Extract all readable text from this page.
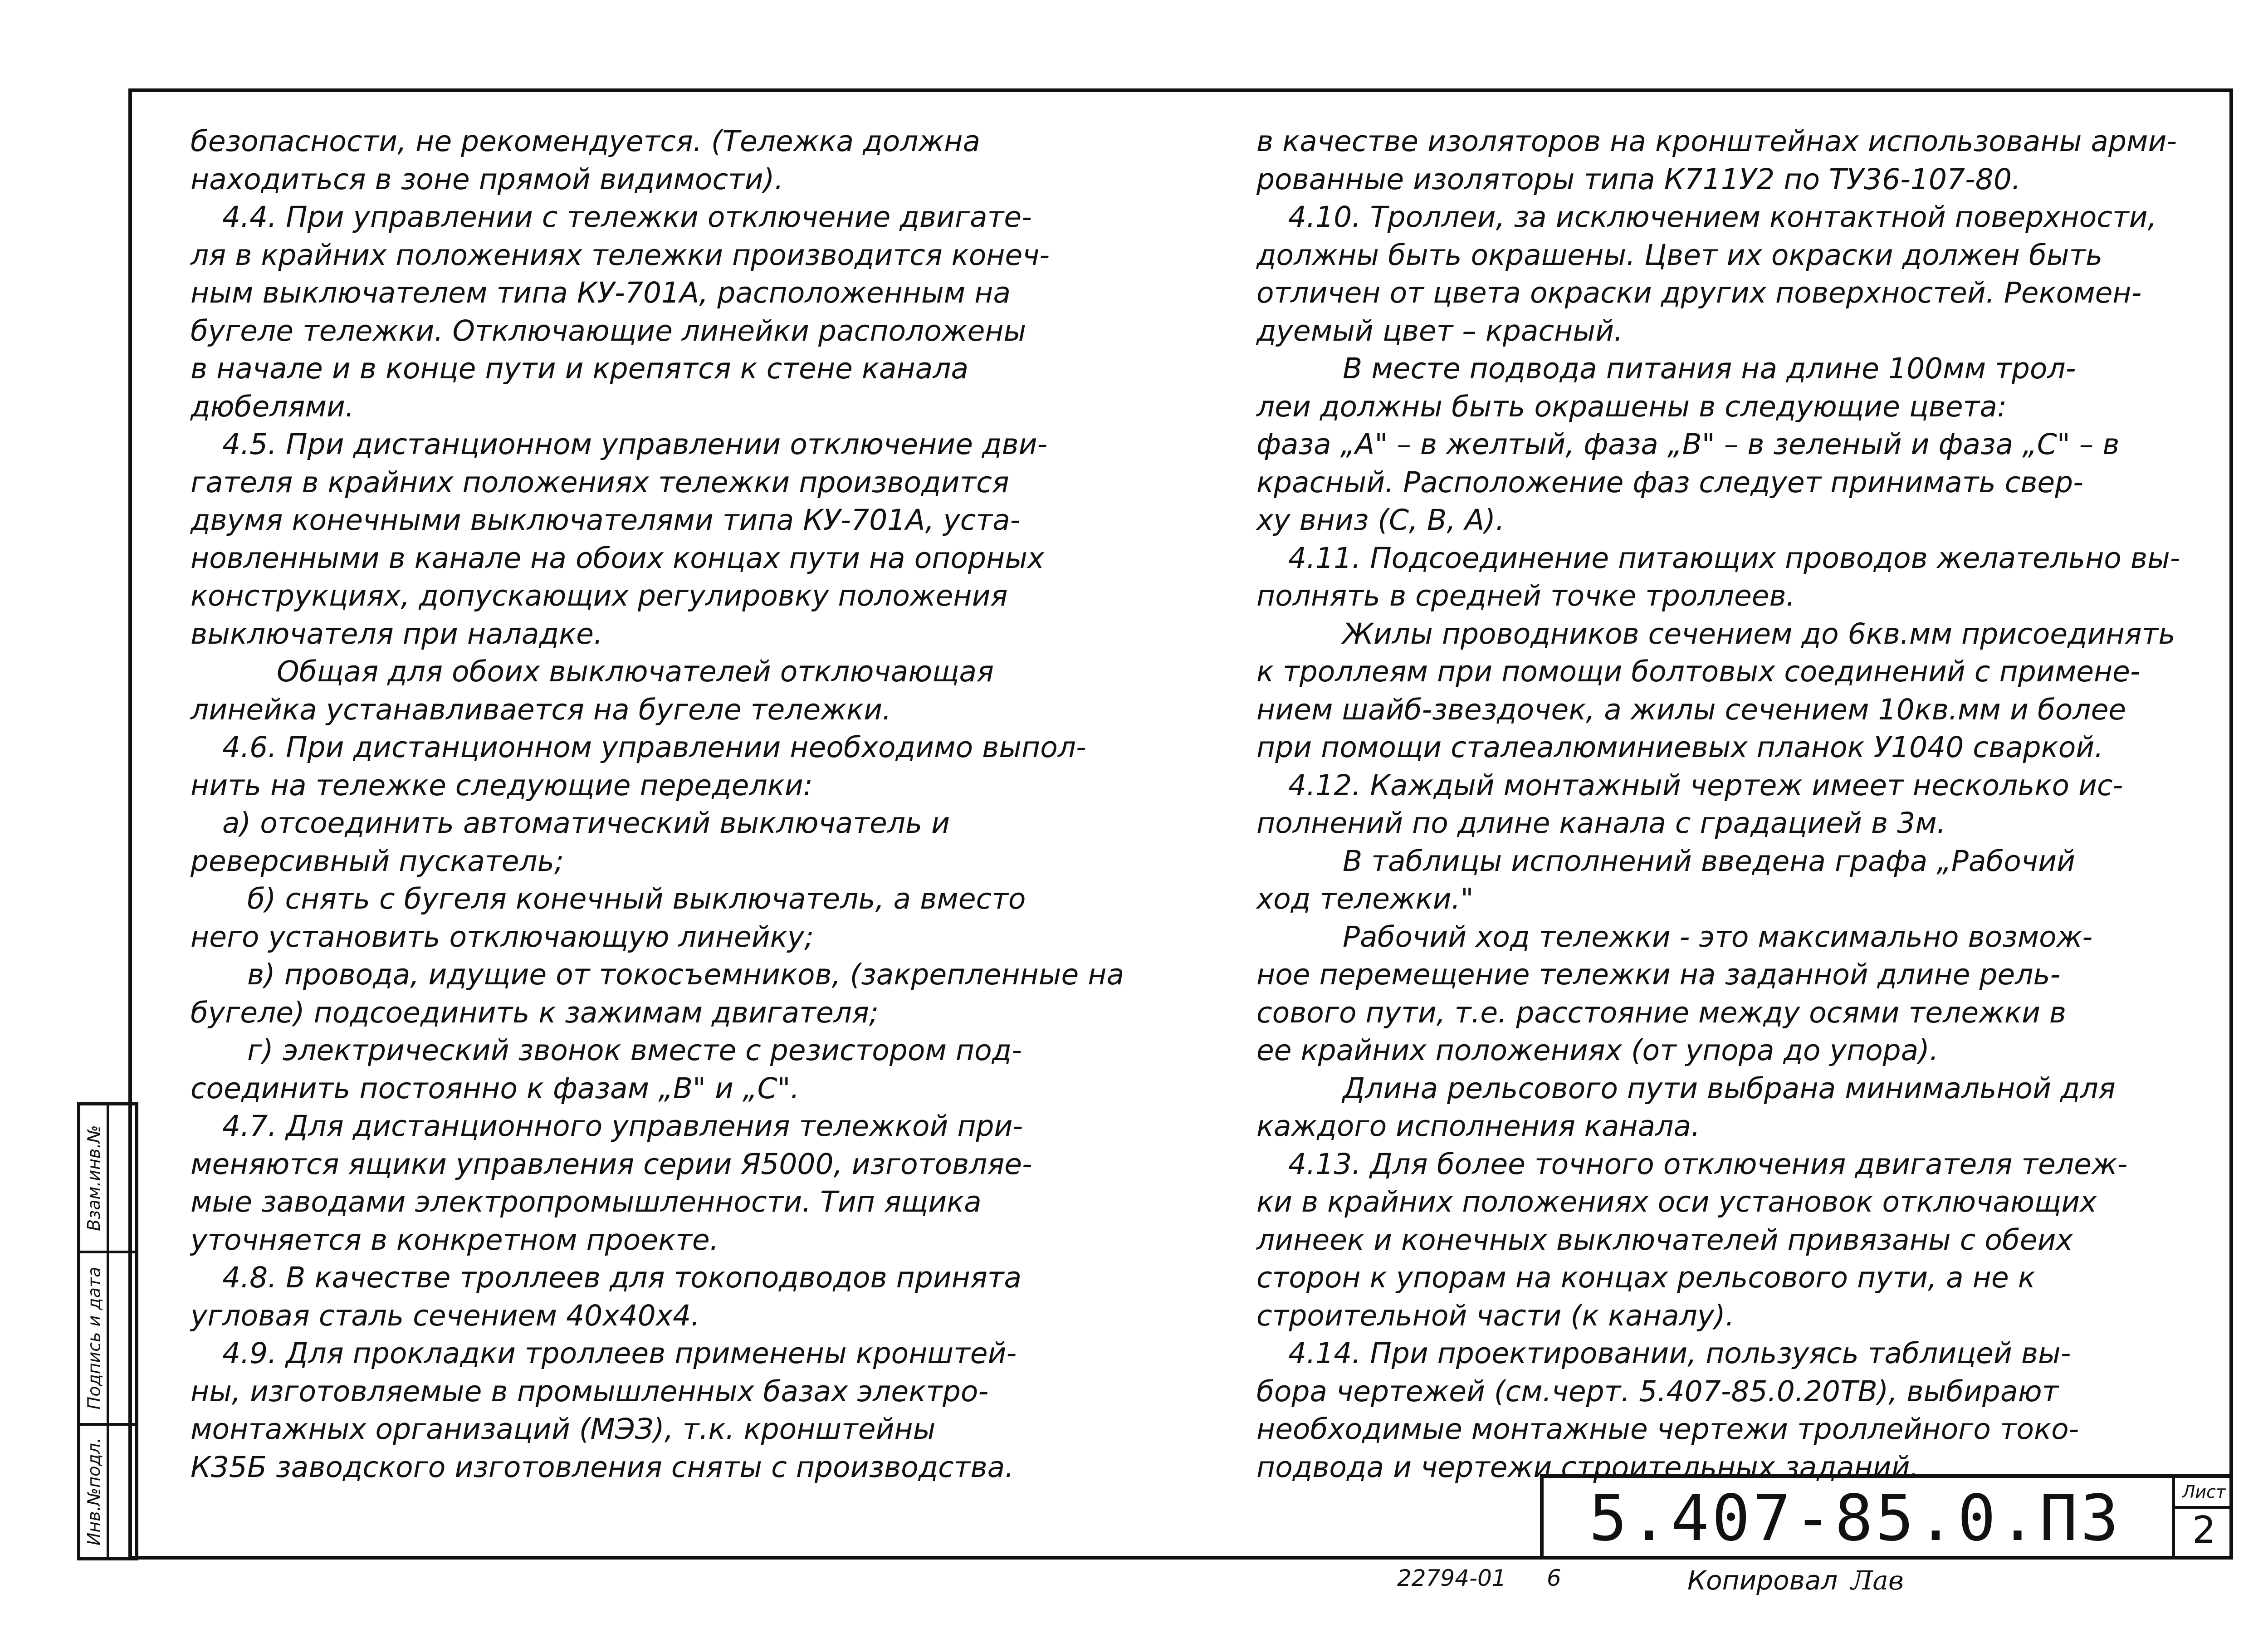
безопасности, не рекомендуется. (Тележка должна
находиться в зоне прямой видимости).
4.4. При управлении с тележки отключение двигате-
ля в крайних положениях тележки производится конеч-
ным выключателем типа КУ-701А, расположенным на
бугеле тележки. Отключающие линейки расположены
в начале и в конце пути и крепятся к стене канала
дюбелями.
4.5. При дистанционном управлении отключение дви-
гателя в крайних положениях тележки производится
двумя конечными выключателями типа КУ-701А, уста-
новленными в канале на обоих концах пути на опорных
конструкциях, допускающих регулировку положения
выключателя при наладке.
Общая для обоих выключателей отключающая
линейка устанавливается на бугеле тележки.
4.6. При дистанционном управлении необходимо выпол-
нить на тележке следующие переделки:
а) отсоединить автоматический выключатель и
реверсивный пускатель;
б) снять с бугеля конечный выключатель, а вместо
него установить отключающую линейку;
в) провода, идущие от токосъемников, (закрепленные на
бугеле) подсоединить к зажимам двигателя;
г) электрический звонок вместе с резистором под-
соединить постоянно к фазам „В" и „С".
4.7. Для дистанционного управления тележкой при-
меняются ящики управления серии Я5000, изготовляе-
мые заводами электропромышленности. Тип ящика
уточняется в конкретном проекте.
4.8. В качестве троллеев для токоподводов принята
угловая сталь сечением 40х40х4.
4.9. Для прокладки троллеев применены кронштей-
ны, изготовляемые в промышленных базах электро-
монтажных организаций (МЭЗ), т.к. кронштейны
К35Б заводского изготовления сняты с производства.
в качестве изоляторов на кронштейнах использованы арми-
рованные изоляторы типа К711У2 по ТУ36-107-80.
4.10. Троллеи, за исключением контактной поверхности,
должны быть окрашены. Цвет их окраски должен быть
отличен от цвета окраски других поверхностей. Рекомен-
дуемый цвет – красный.
В месте подвода питания на длине 100мм трол-
леи должны быть окрашены в следующие цвета:
фаза „А" – в желтый, фаза „В" – в зеленый и фаза „С" – в
красный. Расположение фаз следует принимать свер-
ху вниз (С, В, А).
4.11. Подсоединение питающих проводов желательно вы-
полнять в средней точке троллеев.
Жилы проводников сечением до 6кв.мм присоединять
к троллеям при помощи болтовых соединений с примене-
нием шайб-звездочек, а жилы сечением 10кв.мм и более
при помощи сталеалюминиевых планок У1040 сваркой.
4.12. Каждый монтажный чертеж имеет несколько ис-
полнений по длине канала с градацией в 3м.
В таблицы исполнений введена графа „Рабочий
ход тележки."
Рабочий ход тележки - это максимально возмож-
ное перемещение тележки на заданной длине рель-
сового пути, т.е. расстояние между осями тележки в
ее крайних положениях (от упора до упора).
Длина рельсового пути выбрана минимальной для
каждого исполнения канала.
4.13. Для более точного отключения двигателя тележ-
ки в крайних положениях оси установок отключающих
линеек и конечных выключателей привязаны с обеих
сторон к упорам на концах рельсового пути, а не к
строительной части (к каналу).
4.14. При проектировании, пользуясь таблицей вы-
бора чертежей (см.черт. 5.407-85.0.20ТВ), выбирают
необходимые монтажные чертежи троллейного токо-
подвода и чертежи строительных заданий.
Взам.инв.№
Подпись и дата
Инв.№подл.	5.407-85.0.ПЗ	Лист
2
22794-01 6	Копировал Лав
